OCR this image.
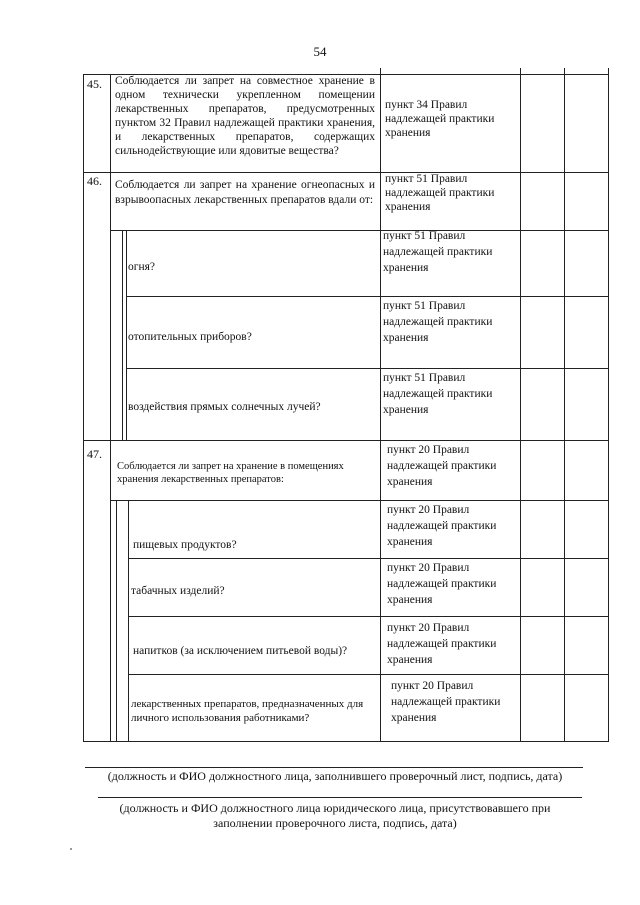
54
45. Соблюдается ли запрет на совместное хранение в одном технически укрепленном помещении лекарственных препаратов, предусмотренных пунктом 32 Правил надлежащей практики хранения, и лекарственных препаратов, содержащих сильнодействующие или ядовитые вещества?
пункт 34 Правил надлежащей практики хранения
46. Соблюдается ли запрет на хранение огнеопасных и взрывоопасных лекарственных препаратов вдали от:
пункт 51 Правил надлежащей практики хранения
огня?
пункт 51 Правил надлежащей практики хранения
отопительных приборов?
пункт 51 Правил надлежащей практики хранения
воздействия прямых солнечных лучей?
пункт 51 Правил надлежащей практики хранения
47.
Соблюдается ли запрет на хранение в помещениях хранения лекарственных препаратов:
пункт 20 Правил надлежащей практики хранения
пищевых продуктов?
пункт 20 Правил надлежащей практики хранения
табачных изделий?
пункт 20 Правил надлежащей практики хранения
напитков (за исключением питьевой воды)?
пункт 20 Правил надлежащей практики хранения
лекарственных препаратов, предназначенных для личного использования работниками?
пункт 20 Правил надлежащей практики хранения
(должность и ФИО должностного лица, заполнившего проверочный лист, подпись, дата)
(должность и ФИО должностного лица юридического лица, присутствовавшего при заполнении проверочного листа, подпись, дата)
